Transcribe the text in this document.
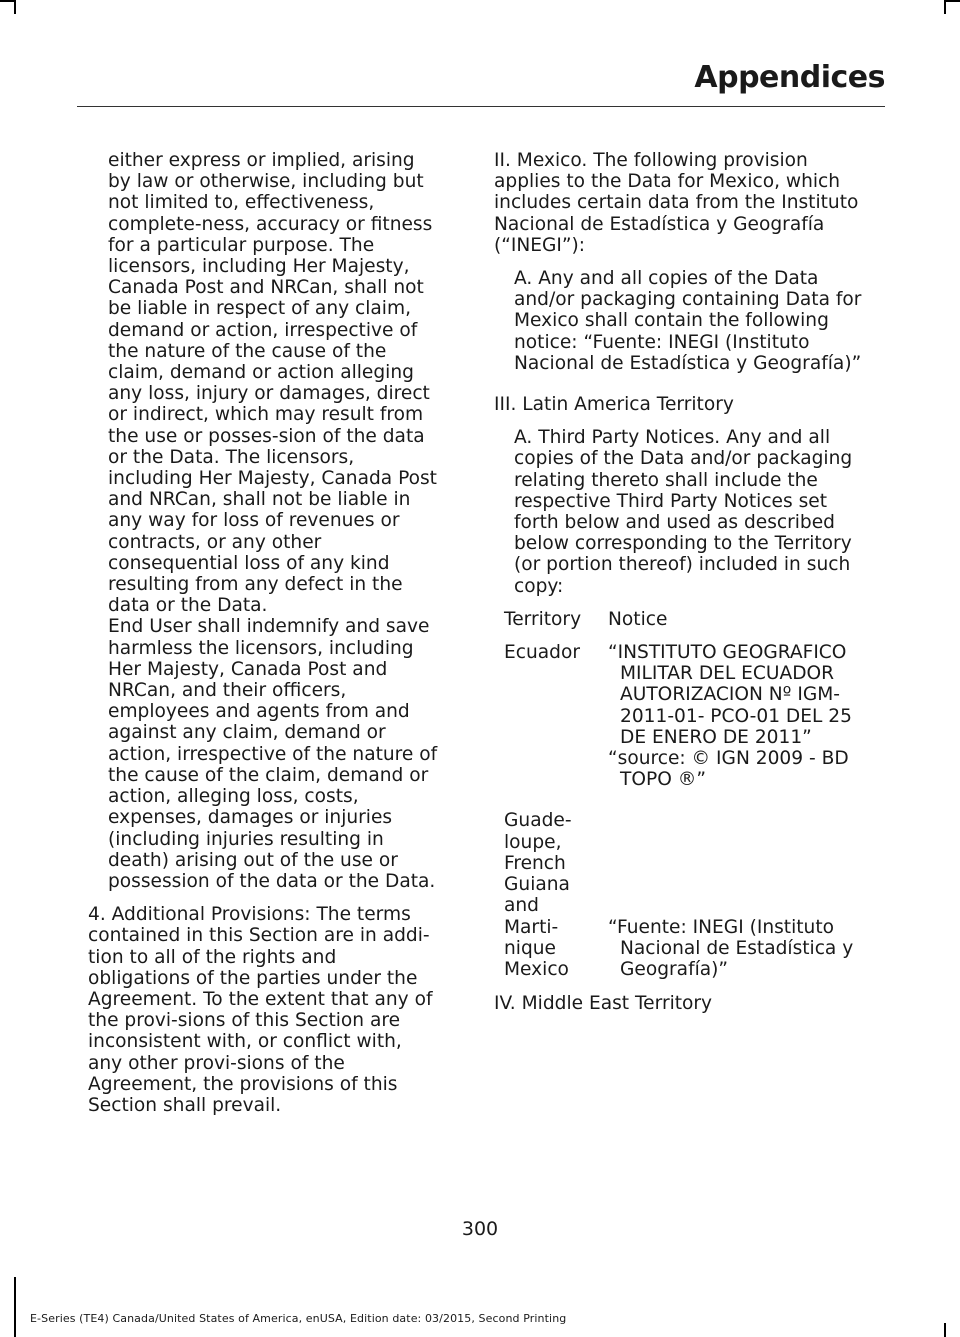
Appendices

either express or implied, arising by law or otherwise, including but not limited to, effectiveness, complete-ness, accuracy or fitness for a particular purpose. The licensors, including Her Majesty, Canada Post and NRCan, shall not be liable in respect of any claim, demand or action, irrespective of the nature of the cause of the claim, demand or action alleging any loss, injury or damages, direct or indirect, which may result from the use or posses-sion of the data or the Data. The licensors, including Her Majesty, Canada Post and NRCan, shall not be liable in any way for loss of revenues or contracts, or any other consequential loss of any kind resulting from any defect in the data or the Data.

End User shall indemnify and save harmless the licensors, including Her Majesty, Canada Post and NRCan, and their officers, employees and agents from and against any claim, demand or action, irrespective of the nature of the cause of the claim, demand or action, alleging loss, costs, expenses, damages or injuries (including injuries resulting in death) arising out of the use or possession of the data or the Data.

4. Additional Provisions: The terms contained in this Section are in addi-tion to all of the rights and obligations of the parties under the Agreement. To the extent that any of the provi-sions of this Section are inconsistent with, or conflict with, any other provi-sions of the Agreement, the provisions of this Section shall prevail.

II. Mexico. The following provision applies to the Data for Mexico, which includes certain data from the Instituto Nacional de Estadística y Geografía (“INEGI”):

A. Any and all copies of the Data and/or packaging containing Data for Mexico shall contain the following notice: “Fuente: INEGI (Instituto Nacional de Estadística y Geografía)”

III. Latin America Territory

A. Third Party Notices. Any and all copies of the Data and/or packaging relating thereto shall include the respective Third Party Notices set forth below and used as described below corresponding to the Territory (or portion thereof) included in such copy:

Territory	Notice
Ecuador	“INSTITUTO GEOGRAFICO MILITAR DEL ECUADOR AUTORIZACION Nº IGM-2011-01- PCO-01 DEL 25 DE ENERO DE 2011”
“source: © IGN 2009 - BD TOPO ®”
Guade-loupe, French Guiana and Marti-nique
Mexico
“Fuente: INEGI (Instituto Nacional de Estadística y Geografía)”

IV. Middle East Territory

300
E-Series (TE4) Canada/United States of America, enUSA, Edition date: 03/2015, Second Printing
